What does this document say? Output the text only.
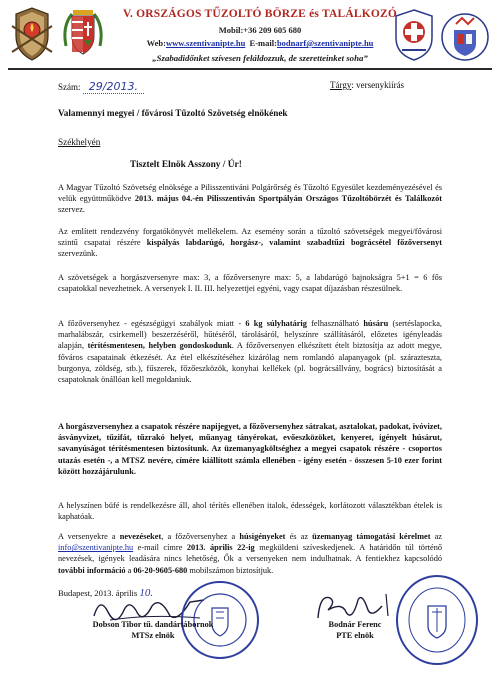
V. ORSZÁGOS TŰZOLTÓ BÖRZE és TALÁLKOZÓ
Mobil:+36 209 605 680
Web:www.szentivanipte.hu E-mail:bodnarf@szentivanipte.hu
„Szabadidőnket szívesen feláldozzuk, de szeretteinket soha”
Szám: 29/2013.	Tárgy: versenykiírás
Valamennyi megyei / fővárosi Tűzoltó Szövetség elnökének
Székhelyén
Tisztelt Elnök Asszony / Úr!
A Magyar Tűzoltó Szövetség elnöksége a Pilisszentiváni Polgárőrség és Tűzoltó Egyesület kezdeményezésével és velük együttműködve 2013. május 04.-én Pilisszentiván Sportpályán Országos Tűzoltóbörzét és Találkozót szervez.
Az említett rendezvény forgatókönyvét mellékelem. Az esemény során a tűzoltó szövetségek megyei/fővárosi szintű csapatai részére kispályás labdarúgó, horgász-, valamint szabadtűzi bográcsétel főzőversenyt szervezünk.
A szövetségek a horgászversenyre max: 3, a főzőversenyre max: 5, a labdarúgó bajnokságra 5+1 = 6 fős csapatokkal nevezhetnek. A versenyek I. II. III. helyezettjei egyéni, vagy csapat díjazásban részesülnek.
A főzőversenyhez - egészségügyi szabályok miatt - 6 kg súlyhatárig felhasználható húsáru (sertéslapocka, marhalábszár, csirkemell) beszerzéséről, hűtéséről, tárolásáról, helyszínre szállításáról, előzetes igényleadás alapján, térítésmentesen, helyben gondoskodunk. A főzőversenyen elkészített ételt biztosítja az adott megye, főváros csapatainak étkezését. Az étel elkészítéséhez kizárólag nem romlandó alapanyagok (pl. szárazteszta, burgonya, zöldség, stb.), fűszerek, főzőeszközök, konyhai kellékek (pl. bográcsállvány, bogrács) biztosítását a csapatoknak önállóan kell megoldaniuk.
A horgászversenyhez a csapatok részére napijegyet, a főzőversenyhez sátrakat, asztalokat, padokat, ivóvizet, ásványvizet, tűzifát, tűzrakó helyet, műanyag tányérokat, evőeszközöket, kenyeret, igényelt húsárut, savanyúságot térítésmentesen biztosítunk. Az üzemanyagköltséghez a megyei csapatok részére - csoportos utazás esetén -, a MTSZ nevére, címére kiállított számla ellenében - igény esetén - összesen 5-10 ezer forint között hozzájárulunk.
A helyszínen büfé is rendelkezésre áll, ahol térítés ellenében italok, édességek, korlátozott választékban ételek is kaphatóak.
A versenyekre a nevezéseket, a főzőversenyhez a húsigényeket és az üzemanyag támogatási kérelmet az info@szentivanipte.hu e-mail címre 2013. április 22-ig megküldeni szíveskedjenek. A határidőn túl történő nevezések, igények leadására nincs lehetőség, Ők a versenyeken nem indulhatnak. A fentiekhez kapcsolódó további információ a 06-20-9605-680 mobilszámon biztosítjuk.
Budapest, 2013. április 10.
Dobson Tibor tű. dandártábornok
MTSz elnök
Bodnár Ferenc
PTE elnök
